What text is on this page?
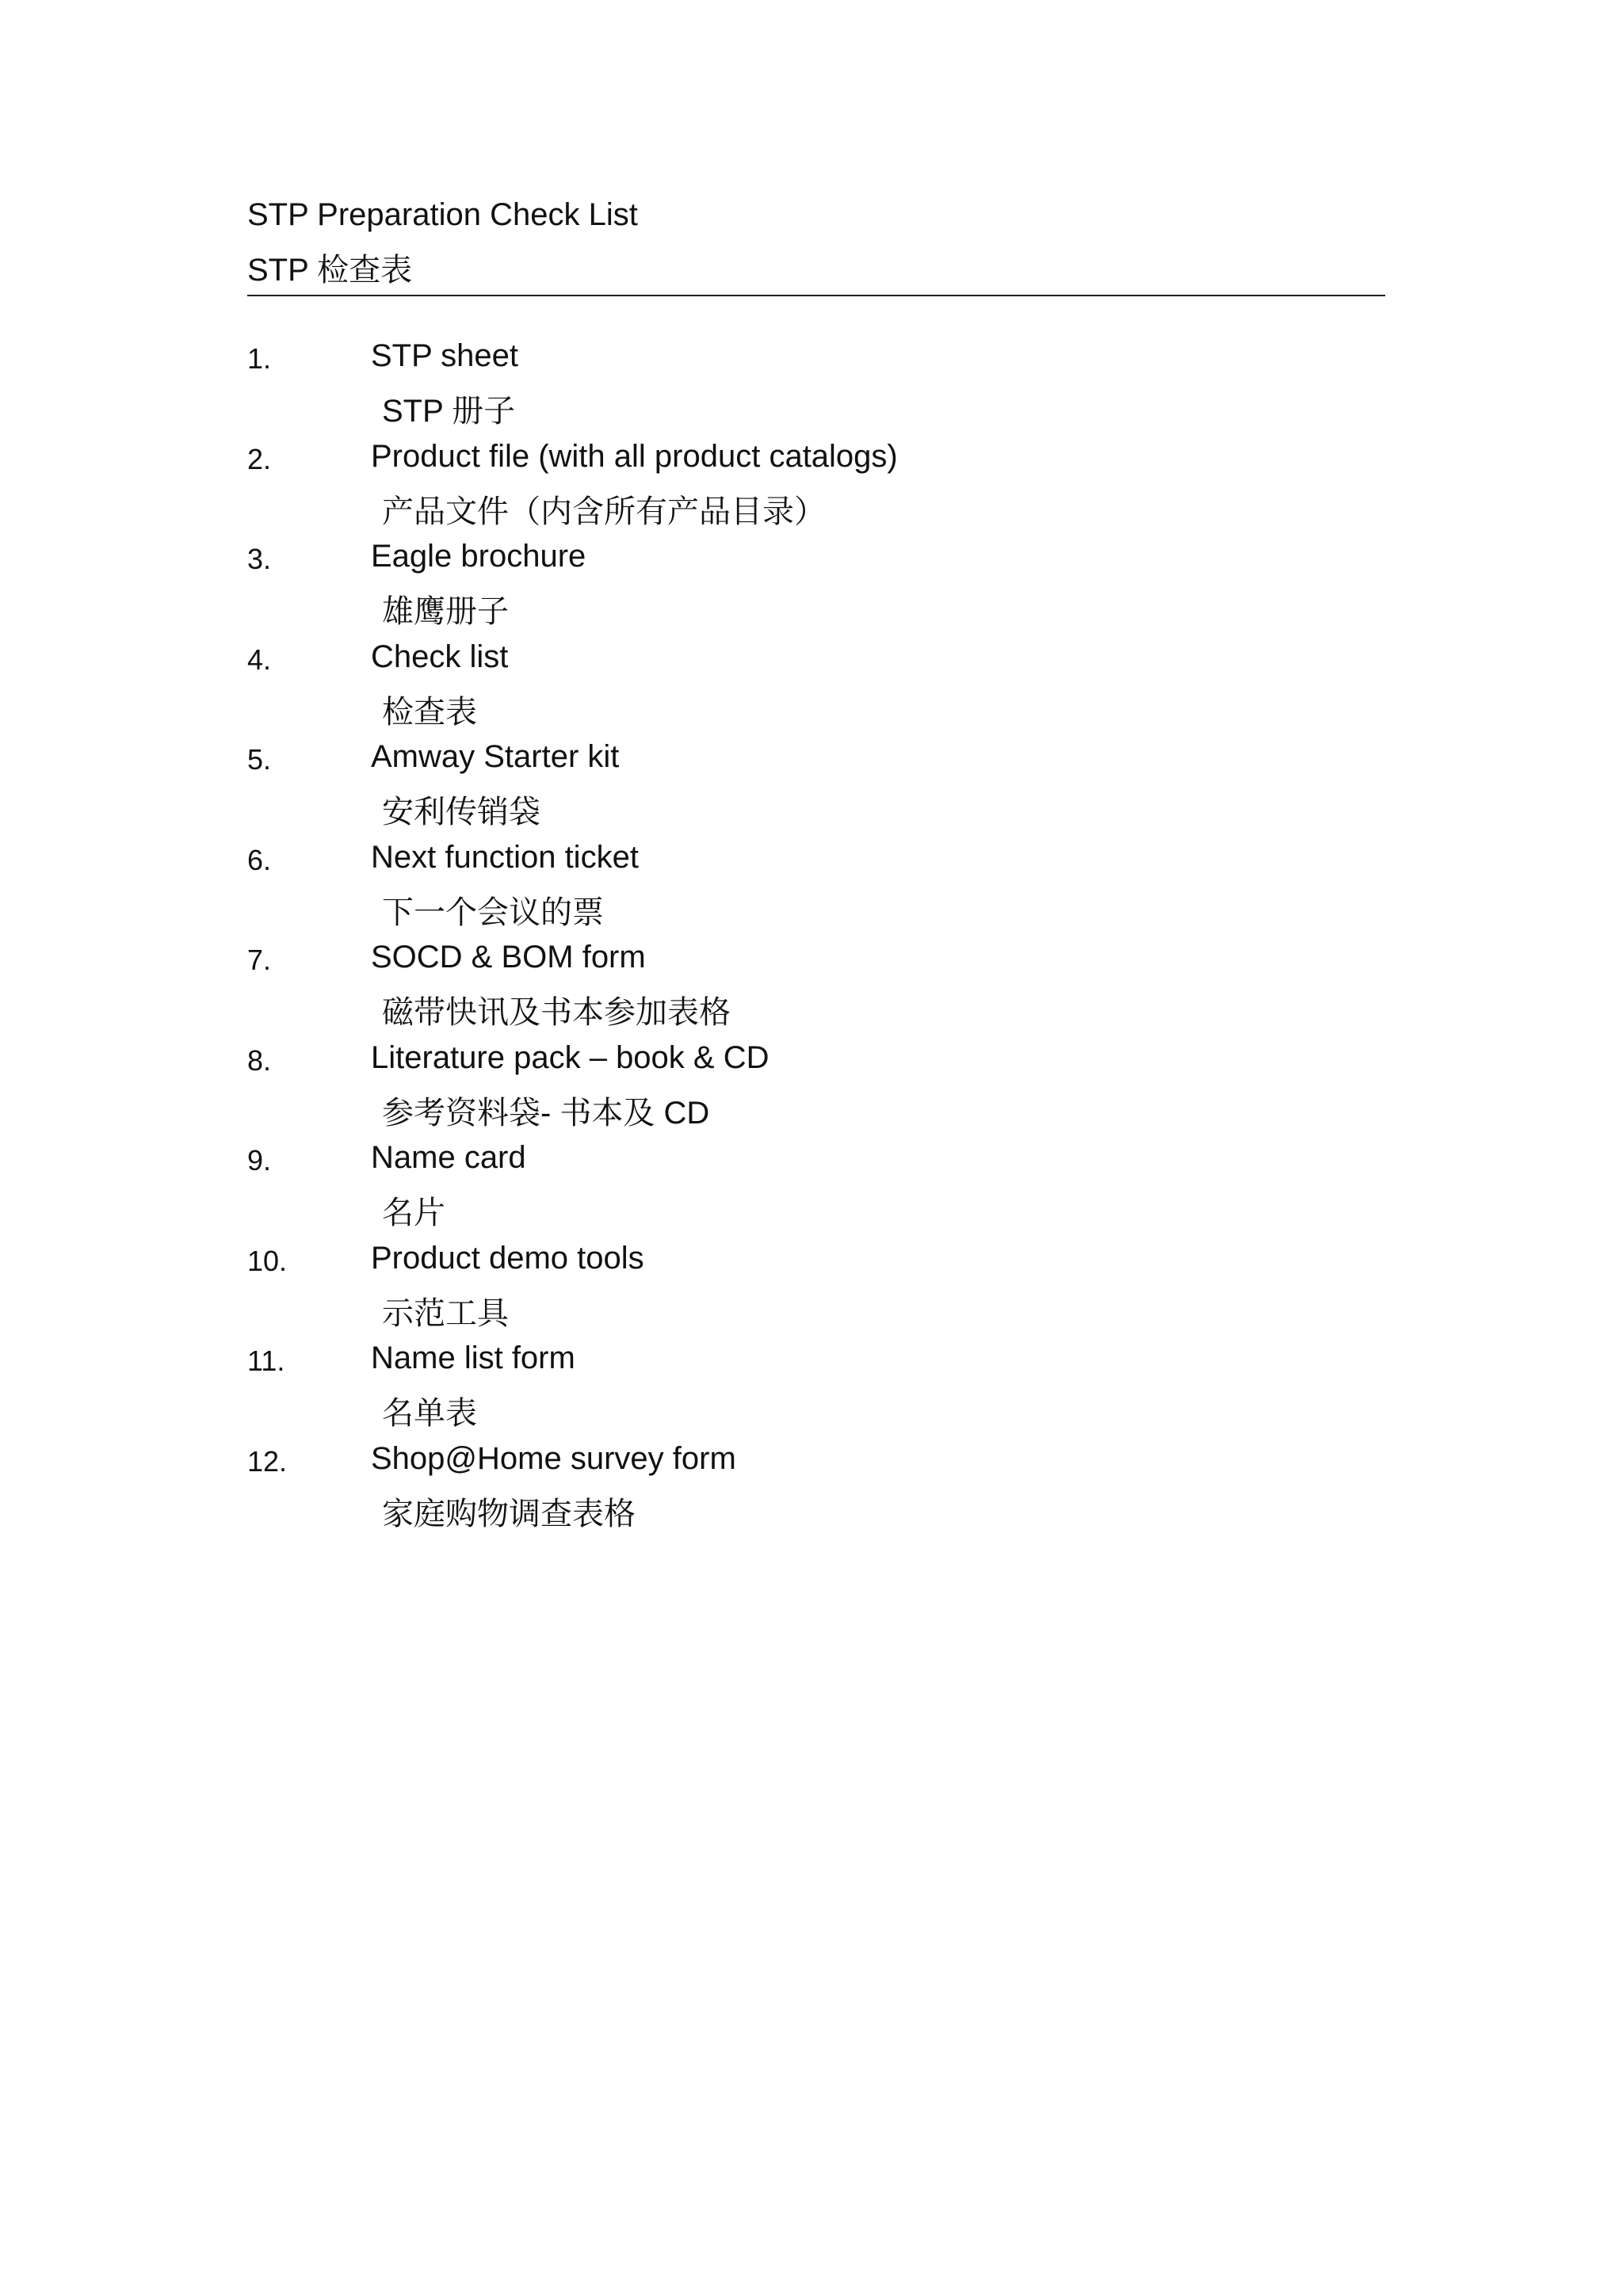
STP Preparation Check List
STP 检查表
1.	STP sheet
STP 册子
2.	Product file (with all product catalogs)
产品文件（内含所有产品目录）
3.	Eagle brochure
雄鹰册子
4.	Check list
检查表
5.	Amway Starter kit
安利传销袋
6.	Next function ticket
下一个会议的票
7.	SOCD & BOM form
磁带快讯及书本参加表格
8.	Literature pack – book & CD
参考资料袋- 书本及 CD
9.	Name card
名片
10.	Product demo tools
示范工具
11.	Name list form
名单表
12.	Shop@Home survey form
家庭购物调查表格
